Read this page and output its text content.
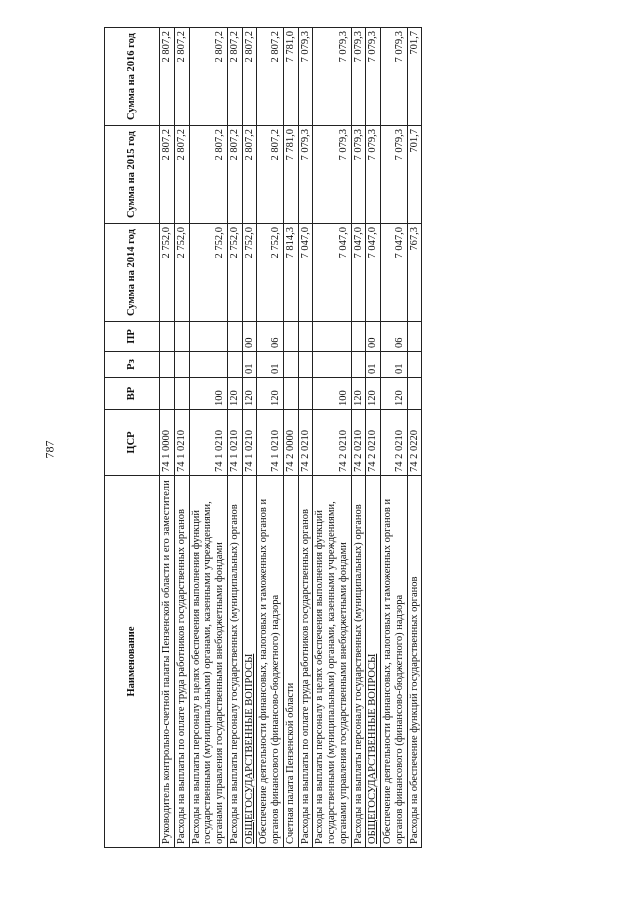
787
Наименование	ЦСР	ВР	Рз	ПР	Сумма на 2014 год	Сумма на 2015 год	Сумма на 2016 год
Руководитель контрольно-счетной палаты Пензенской области и его заместители	74 1 0000				2 752,0	2 807,2	2 807,2
Расходы на выплаты по оплате труда работников государственных органов	74 1 0210				2 752,0	2 807,2	2 807,2
Расходы на выплаты персоналу в целях обеспечения выполнения функций государственными (муниципальными) органами, казенными учреждениями, органами управления государственными внебюджетными фондами	74 1 0210	100			2 752,0	2 807,2	2 807,2
Расходы на выплаты персоналу государственных (муниципальных) органов	74 1 0210	120			2 752,0	2 807,2	2 807,2
ОБЩЕГОСУДАРСТВЕННЫЕ ВОПРОСЫ	74 1 0210	120	01	00	2 752,0	2 807,2	2 807,2
Обеспечение деятельности финансовых, налоговых и таможенных органов и органов финансового (финансово-бюджетного) надзора	74 1 0210	120	01	06	2 752,0	2 807,2	2 807,2
Счетная палата Пензенской области	74 2 0000				7 814,3	7 781,0	7 781,0
Расходы на выплаты по оплате труда работников государственных органов	74 2 0210				7 047,0	7 079,3	7 079,3
Расходы на выплаты персоналу в целях обеспечения выполнения функций государственными (муниципальными) органами, казенными учреждениями, органами управления государственными внебюджетными фондами	74 2 0210	100			7 047,0	7 079,3	7 079,3
Расходы на выплаты персоналу государственных (муниципальных) органов	74 2 0210	120			7 047,0	7 079,3	7 079,3
ОБЩЕГОСУДАРСТВЕННЫЕ ВОПРОСЫ	74 2 0210	120	01	00	7 047,0	7 079,3	7 079,3
Обеспечение деятельности финансовых, налоговых и таможенных органов и органов финансового (финансово-бюджетного) надзора	74 2 0210	120	01	06	7 047,0	7 079,3	7 079,3
Расходы на обеспечение функций государственных органов	74 2 0220				767,3	701,7	701,7
